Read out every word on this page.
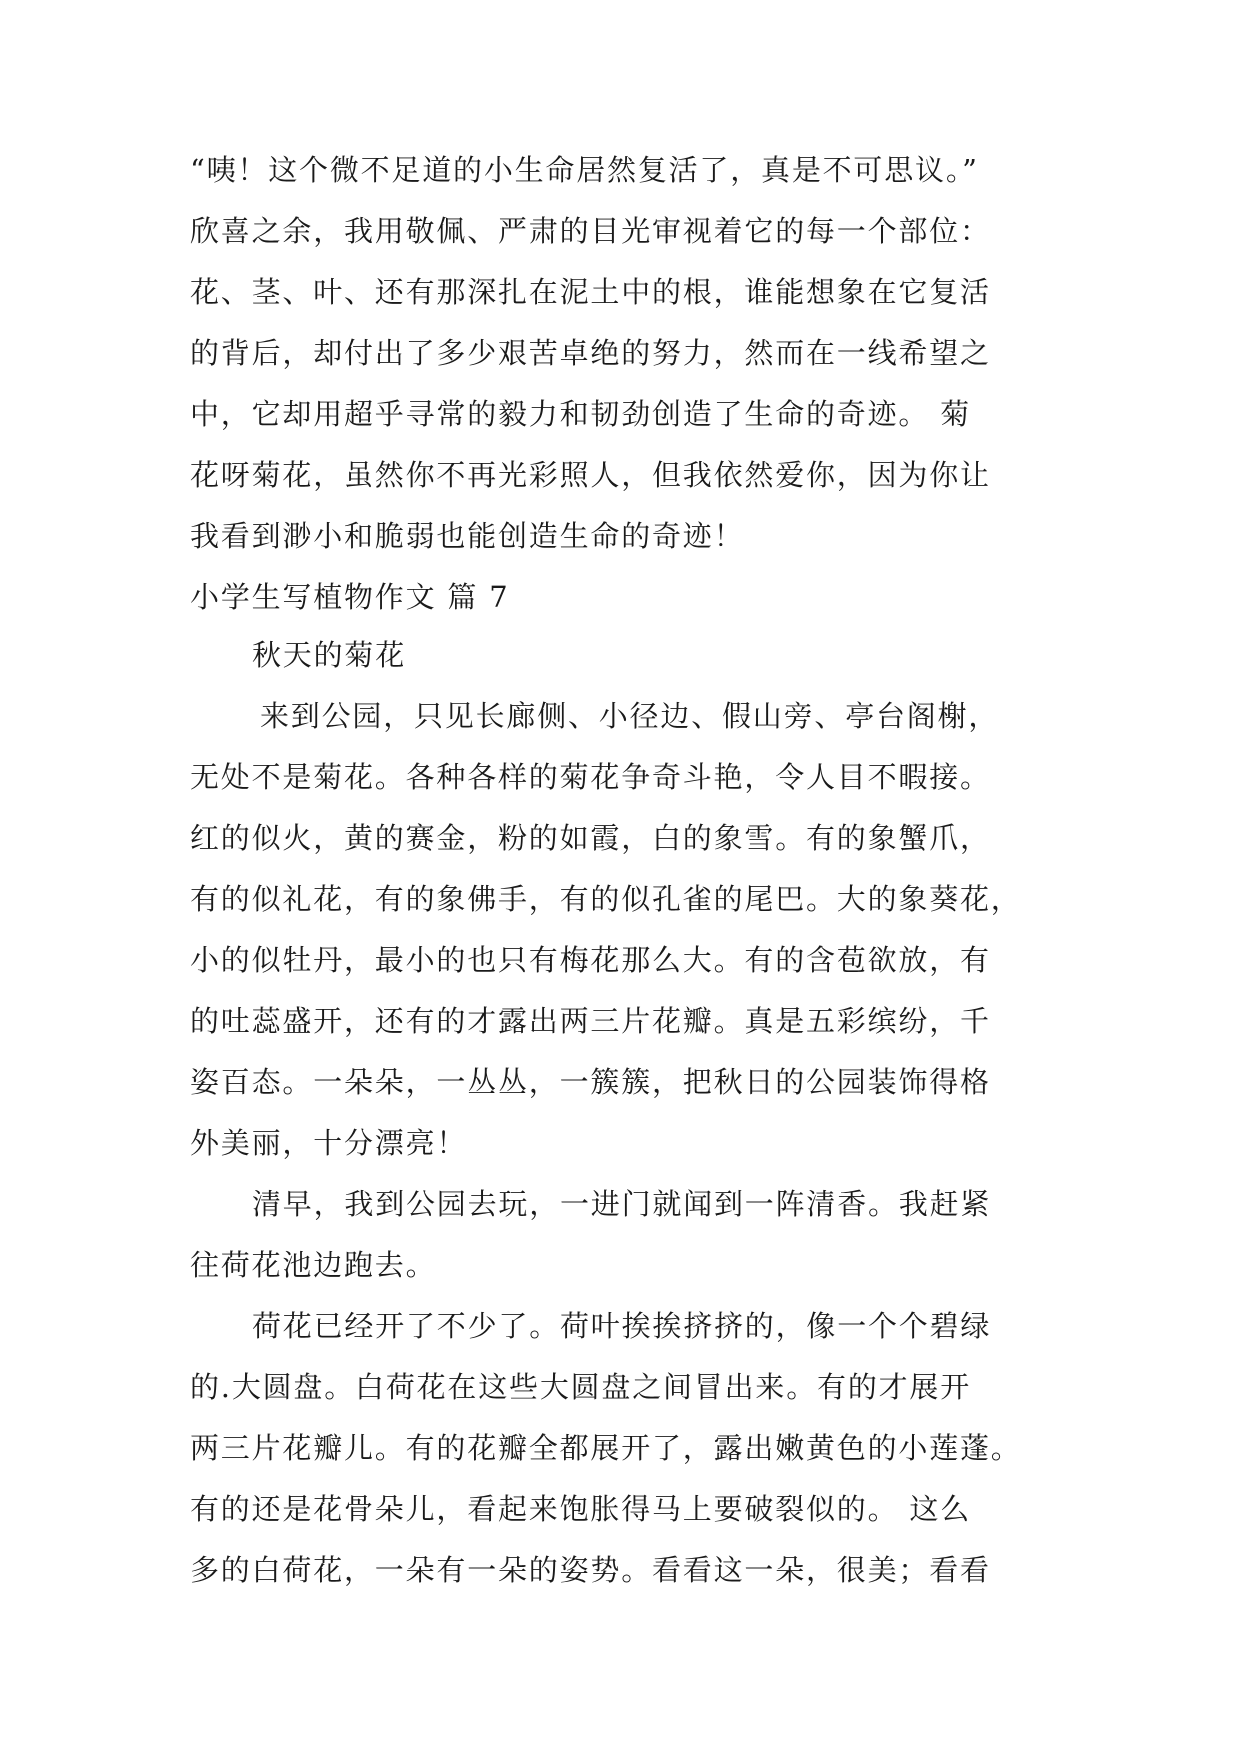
“咦！这个微不足道的小生命居然复活了，真是不可思议。”
欣喜之余，我用敬佩、严肃的目光审视着它的每一个部位：
花、茎、叶、还有那深扎在泥土中的根，谁能想象在它复活
的背后，却付出了多少艰苦卓绝的努力，然而在一线希望之
中，它却用超乎寻常的毅力和韧劲创造了生命的奇迹。 菊
花呀菊花，虽然你不再光彩照人，但我依然爱你，因为你让
我看到渺小和脆弱也能创造生命的奇迹！
小学生写植物作文 篇 7
秋天的菊花
来到公园，只见长廊侧、小径边、假山旁、亭台阁榭，
无处不是菊花。各种各样的菊花争奇斗艳，令人目不暇接。
红的似火，黄的赛金，粉的如霞，白的象雪。有的象蟹爪，
有的似礼花，有的象佛手，有的似孔雀的尾巴。大的象葵花，
小的似牡丹，最小的也只有梅花那么大。有的含苞欲放，有
的吐蕊盛开，还有的才露出两三片花瓣。真是五彩缤纷，千
姿百态。一朵朵，一丛丛，一簇簇，把秋日的公园装饰得格
外美丽，十分漂亮！
清早，我到公园去玩，一进门就闻到一阵清香。我赶紧
往荷花池边跑去。
荷花已经开了不少了。荷叶挨挨挤挤的，像一个个碧绿
的.大圆盘。白荷花在这些大圆盘之间冒出来。有的才展开
两三片花瓣儿。有的花瓣全都展开了，露出嫩黄色的小莲蓬。
有的还是花骨朵儿，看起来饱胀得马上要破裂似的。 这么
多的白荷花，一朵有一朵的姿势。看看这一朵，很美；看看
